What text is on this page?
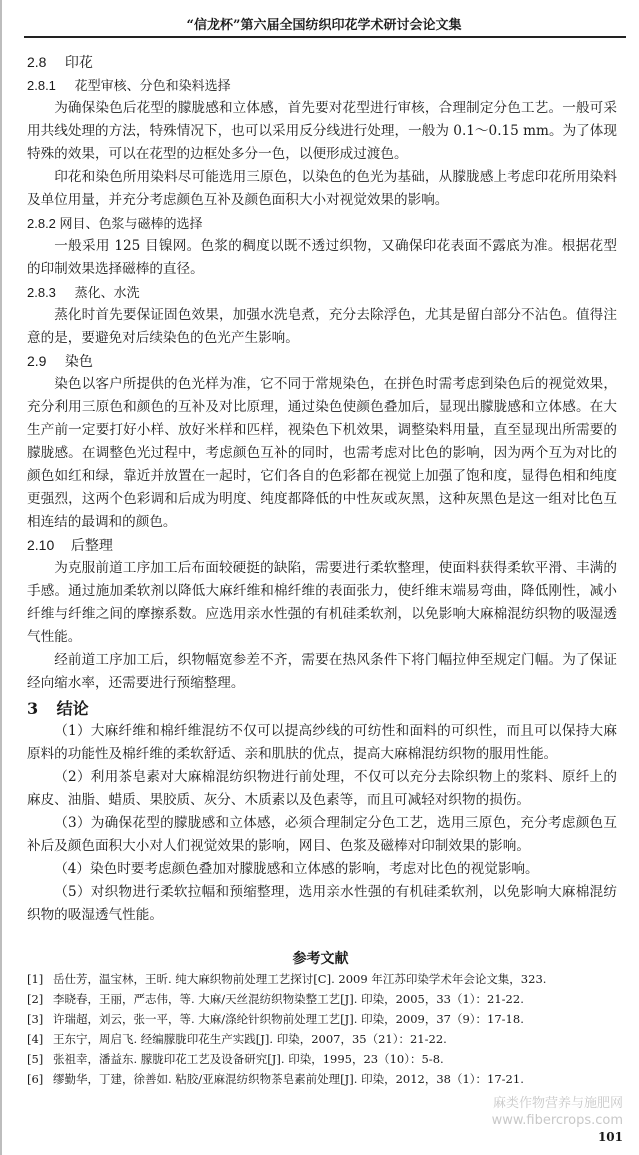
“信龙杯”第六届全国纺织印花学术研讨会论文集

2.8 印花

2.8.1 花型审核、分色和染料选择

为确保染色后花型的朦胧感和立体感，首先要对花型进行审核，合理制定分色工艺。一般可采用共线处理的方法，特殊情况下，也可以采用反分线进行处理，一般为 0.1～0.15 mm。为了体现特殊的效果，可以在花型的边框处多分一色，以便形成过渡色。

印花和染色所用染料尽可能选用三原色，以染色的色光为基础，从朦胧感上考虑印花所用染料及单位用量，并充分考虑颜色互补及颜色面积大小对视觉效果的影响。

2.8.2 网目、色浆与磁棒的选择

一般采用 125 目镍网。色浆的稠度以既不透过织物，又确保印花表面不露底为准。根据花型的印制效果选择磁棒的直径。

2.8.3 蒸化、水洗

蒸化时首先要保证固色效果，加强水洗皂煮，充分去除浮色，尤其是留白部分不沾色。值得注意的是，要避免对后续染色的色光产生影响。

2.9 染色

染色以客户所提供的色光样为准，它不同于常规染色，在拼色时需考虑到染色后的视觉效果，充分利用三原色和颜色的互补及对比原理，通过染色使颜色叠加后，显现出朦胧感和立体感。在大生产前一定要打好小样、放好米样和匹样，视染色下机效果，调整染料用量，直至显现出所需要的朦胧感。在调整色光过程中，考虑颜色互补的同时，也需考虑对比色的影响，因为两个互为对比的颜色如红和绿，靠近并放置在一起时，它们各自的色彩都在视觉上加强了饱和度，显得色相和纯度更强烈，这两个色彩调和后成为明度、纯度都降低的中性灰或灰黑，这种灰黑色是这一组对比色互相连结的最调和的颜色。

2.10 后整理

为克服前道工序加工后布面较硬挺的缺陷，需要进行柔软整理，使面料获得柔软平滑、丰满的手感。通过施加柔软剂以降低大麻纤维和棉纤维的表面张力，使纤维末端易弯曲，降低刚性，减小纤维与纤维之间的摩擦系数。应选用亲水性强的有机硅柔软剂，以免影响大麻棉混纺织物的吸湿透气性能。

经前道工序加工后，织物幅宽参差不齐，需要在热风条件下将门幅拉伸至规定门幅。为了保证经向缩水率，还需要进行预缩整理。

3 结论

（1）大麻纤维和棉纤维混纺不仅可以提高纱线的可纺性和面料的可织性，而且可以保持大麻原料的功能性及棉纤维的柔软舒适、亲和肌肤的优点，提高大麻棉混纺织物的服用性能。

（2）利用茶皂素对大麻棉混纺织物进行前处理，不仅可以充分去除织物上的浆料、原纤上的麻皮、油脂、蜡质、果胶质、灰分、木质素以及色素等，而且可减轻对织物的损伤。

（3）为确保花型的朦胧感和立体感，必须合理制定分色工艺，选用三原色，充分考虑颜色互补后及颜色面积大小对人们视觉效果的影响，网目、色浆及磁棒对印制效果的影响。

（4）染色时要考虑颜色叠加对朦胧感和立体感的影响，考虑对比色的视觉影响。

（5）对织物进行柔软拉幅和预缩整理，选用亲水性强的有机硅柔软剂，以免影响大麻棉混纺织物的吸湿透气性能。

参考文献
[1] 岳仕芳，温宝林，王昕. 纯大麻织物前处理工艺探讨[C]. 2009 年江苏印染学术年会论文集，323.
[2] 李晓春，王丽，严志伟，等. 大麻/天丝混纺织物染整工艺[J]. 印染，2005，33（1）：21-22.
[3] 许瑞超，刘云，张一平，等. 大麻/涤纶针织物前处理工艺[J]. 印染，2009，37（9）：17-18.
[4] 王东宁，周启飞. 经编朦胧印花生产实践[J]. 印染，2007，35（21）：21-22.
[5] 张祖幸，潘益东. 朦胧印花工艺及设备研究[J]. 印染，1995，23（10）：5-8.
[6] 缪勤华，丁建，徐善如. 粘胶/亚麻混纺织物茶皂素前处理[J]. 印染，2012，38（1）：17-21.
麻类作物营养与施肥网
www.fibercrops.com
101
